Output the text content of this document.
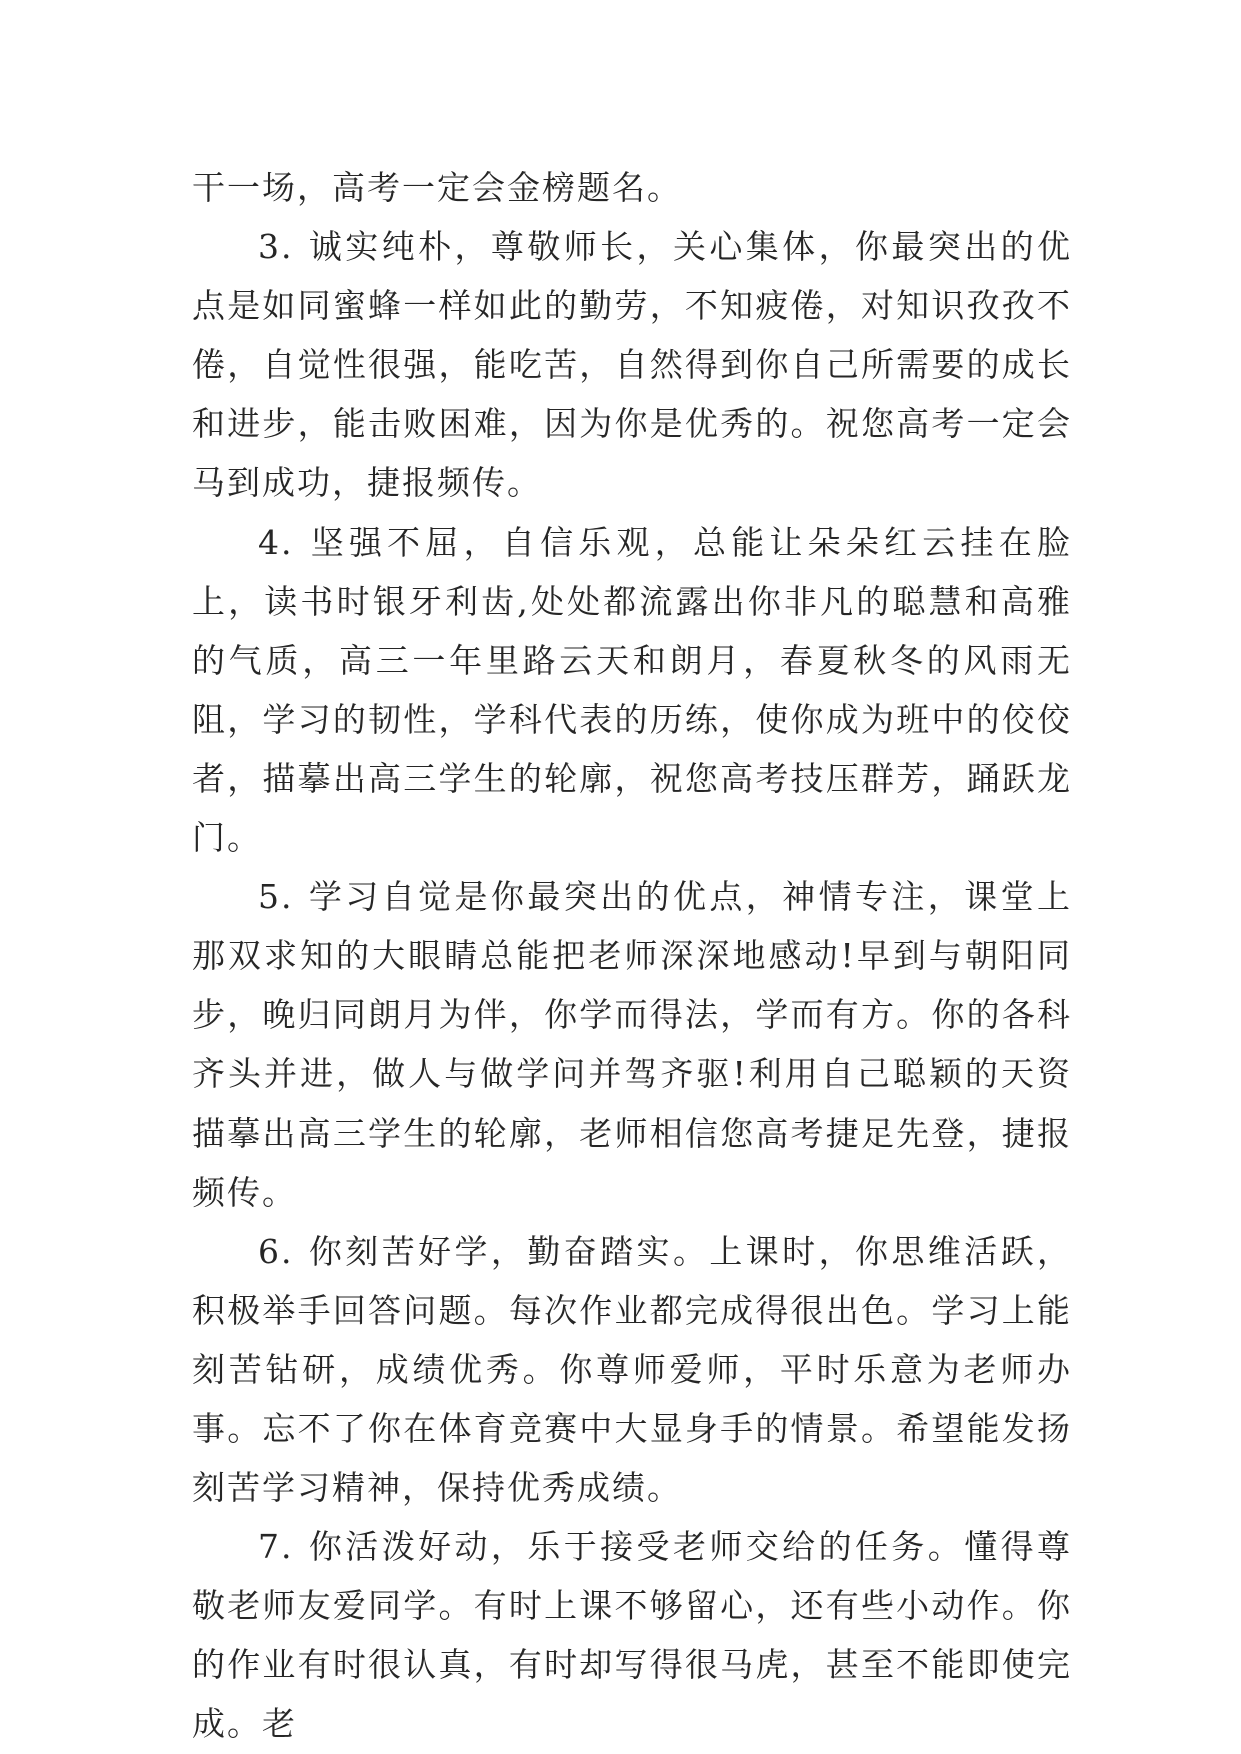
干一场，高考一定会金榜题名。

3. 诚实纯朴，尊敬师长，关心集体，你最突出的优点是如同蜜蜂一样如此的勤劳，不知疲倦，对知识孜孜不倦，自觉性很强，能吃苦，自然得到你自己所需要的成长和进步，能击败困难，因为你是优秀的。祝您高考一定会马到成功，捷报频传。

4. 坚强不屈，自信乐观，总能让朵朵红云挂在脸上，读书时银牙利齿,处处都流露出你非凡的聪慧和高雅的气质，高三一年里路云天和朗月，春夏秋冬的风雨无阻，学习的韧性，学科代表的历练，使你成为班中的佼佼者，描摹出高三学生的轮廓，祝您高考技压群芳，踊跃龙门。

5. 学习自觉是你最突出的优点，神情专注，课堂上那双求知的大眼睛总能把老师深深地感动!早到与朝阳同步，晚归同朗月为伴，你学而得法，学而有方。你的各科齐头并进，做人与做学问并驾齐驱!利用自己聪颖的天资描摹出高三学生的轮廓，老师相信您高考捷足先登，捷报频传。

6. 你刻苦好学，勤奋踏实。上课时，你思维活跃，积极举手回答问题。每次作业都完成得很出色。学习上能刻苦钻研，成绩优秀。你尊师爱师，平时乐意为老师办事。忘不了你在体育竞赛中大显身手的情景。希望能发扬刻苦学习精神，保持优秀成绩。

7. 你活泼好动，乐于接受老师交给的任务。懂得尊敬老师友爱同学。有时上课不够留心，还有些小动作。你的作业有时很认真，有时却写得很马虎，甚至不能即使完成。老
